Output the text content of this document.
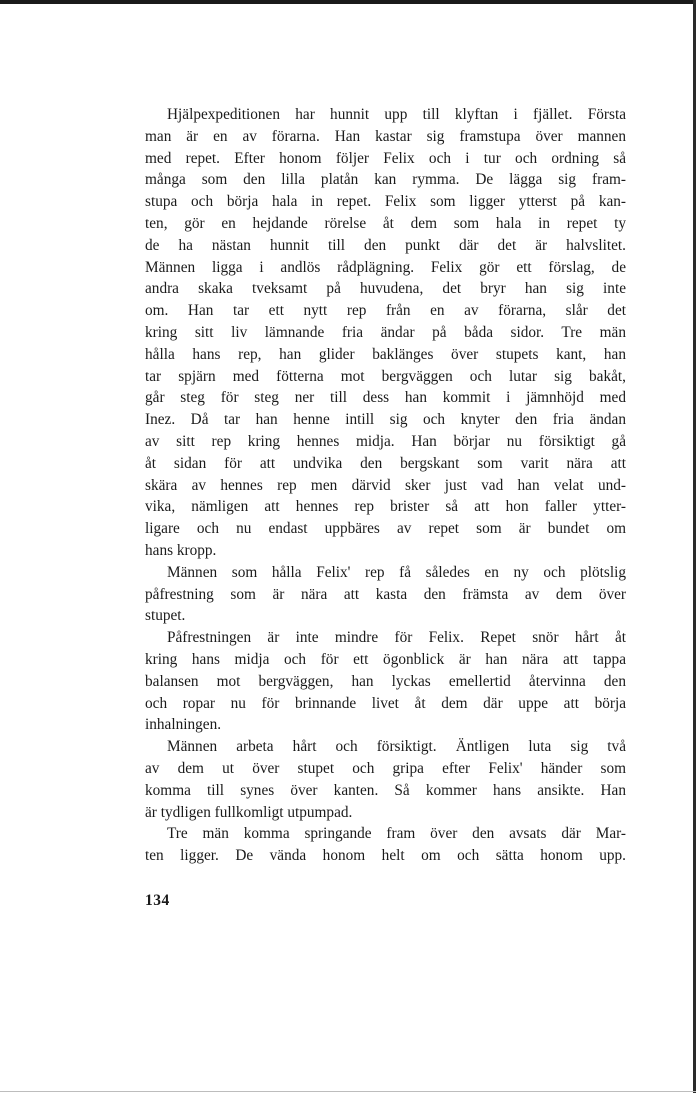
Hjälpexpeditionen har hunnit upp till klyftan i fjället. Första
man är en av förarna. Han kastar sig framstupa över mannen
med repet. Efter honom följer Felix och i tur och ordning så
många som den lilla platån kan rymma. De lägga sig fram-
stupa och börja hala in repet. Felix som ligger ytterst på kan-
ten, gör en hejdande rörelse åt dem som hala in repet ty
de ha nästan hunnit till den punkt där det är halvslitet.
Männen ligga i andlös rådplägning. Felix gör ett förslag, de
andra skaka tveksamt på huvudena, det bryr han sig inte
om. Han tar ett nytt rep från en av förarna, slår det
kring sitt liv lämnande fria ändar på båda sidor. Tre män
hålla hans rep, han glider baklänges över stupets kant, han
tar spjärn med fötterna mot bergväggen och lutar sig bakåt,
går steg för steg ner till dess han kommit i jämnhöjd med
Inez. Då tar han henne intill sig och knyter den fria ändan
av sitt rep kring hennes midja. Han börjar nu försiktigt gå
åt sidan för att undvika den bergskant som varit nära att
skära av hennes rep men därvid sker just vad han velat und-
vika, nämligen att hennes rep brister så att hon faller ytter-
ligare och nu endast uppbäres av repet som är bundet om
hans kropp.

Männen som hålla Felix' rep få således en ny och plötslig
påfrestning som är nära att kasta den främsta av dem över
stupet.

Påfrestningen är inte mindre för Felix. Repet snör hårt åt
kring hans midja och för ett ögonblick är han nära att tappa
balansen mot bergväggen, han lyckas emellertid återvinna den
och ropar nu för brinnande livet åt dem där uppe att börja
inhalningen.

Männen arbeta hårt och försiktigt. Äntligen luta sig två
av dem ut över stupet och gripa efter Felix' händer som
komma till synes över kanten. Så kommer hans ansikte. Han
är tydligen fullkomligt utpumpad.

Tre män komma springande fram över den avsats där Mar-
ten ligger. De vända honom helt om och sätta honom upp.

134
